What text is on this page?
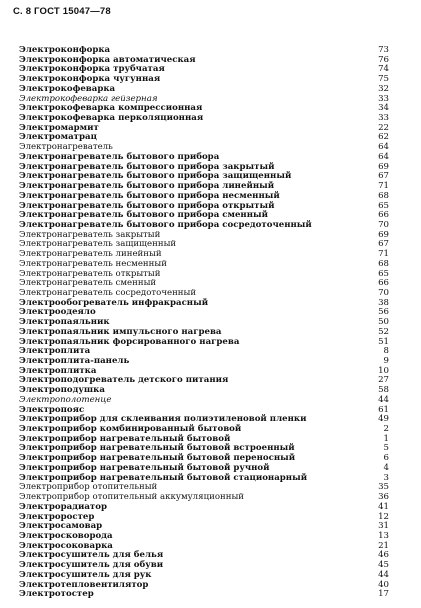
С. 8 ГОСТ 15047—78
Электроконфорка	73
Электроконфорка автоматическая	76
Электроконфорка трубчатая	74
Электроконфорка чугунная	75
Электрокофеварка	32
Электрокофеварка гейзерная	33
Электрокофеварка компрессионная	34
Электрокофеварка перколяционная	33
Электромармит	22
Электроматрац	62
Электронагреватель	64
Электронагреватель бытового прибора	64
Электронагреватель бытового прибора закрытый	69
Электронагреватель бытового прибора защищенный	67
Электронагреватель бытового прибора линейный	71
Электронагреватель бытового прибора несменный	68
Электронагреватель бытового прибора открытый	65
Электронагреватель бытового прибора сменный	66
Электронагреватель бытового прибора сосредоточенный	70
Электронагреватель закрытый	69
Электронагреватель защищенный	67
Электронагреватель линейный	71
Электронагреватель несменный	68
Электронагреватель открытый	65
Электронагреватель сменный	66
Электронагреватель сосредоточенный	70
Электрообогреватель инфракрасный	38
Электроодеяло	56
Электропаяльник	50
Электропаяльник импульсного нагрева	52
Электропаяльник форсированного нагрева	51
Электроплита	8
Электроплита-панель	9
Электроплитка	10
Электроподогреватель детского питания	27
Электроподушка	58
Электрополотенце	44
Электропояс	61
Электроприбор для склеивания полиэтиленовой пленки	49
Электроприбор комбинированный бытовой	2
Электроприбор нагревательный бытовой	1
Электроприбор нагревательный бытовой встроенный	5
Электроприбор нагревательный бытовой переносный	6
Электроприбор нагревательный бытовой ручной	4
Электроприбор нагревательный бытовой стационарный	3
Электроприбор отопительный	35
Электроприбор отопительный аккумуляционный	36
Электрорадиатор	41
Электроростер	12
Электросамовар	31
Электросковорода	13
Электросоковарка	21
Электросушитель для белья	46
Электросушитель для обуви	45
Электросушитель для рук	44
Электротепловентилятор	40
Электротостер	17
